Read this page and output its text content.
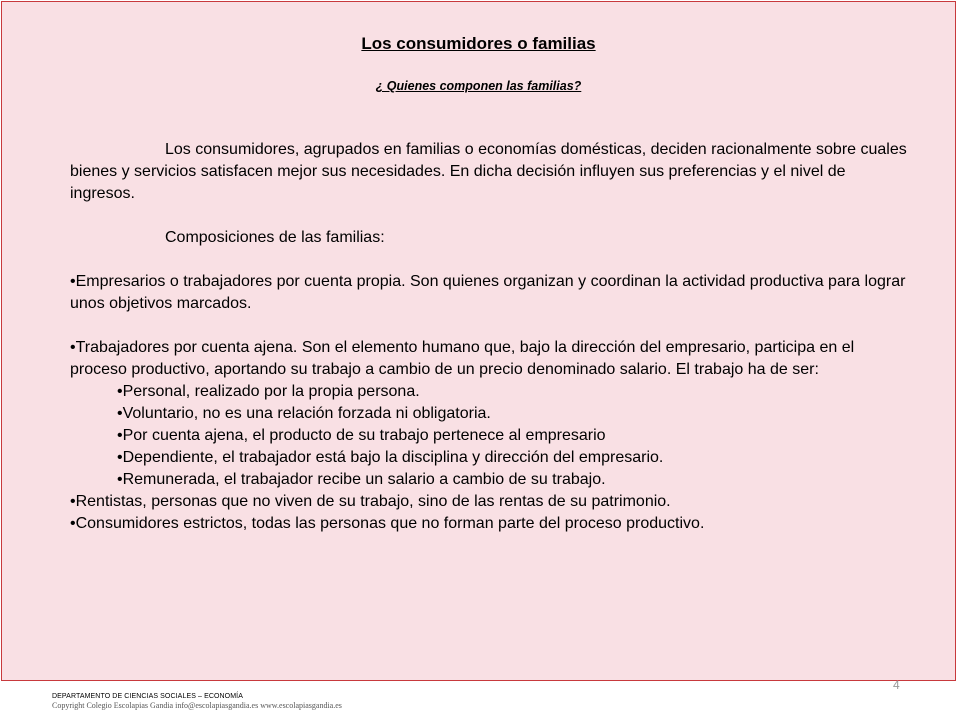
Los consumidores o familias
¿ Quienes componen las familias?

Los consumidores, agrupados en familias o economías domésticas, deciden racionalmente sobre cuales bienes y servicios satisfacen mejor sus necesidades. En dicha decisión influyen sus preferencias y el nivel de ingresos.

Composiciones de las familias:

•Empresarios o trabajadores por cuenta propia. Son quienes organizan y coordinan la actividad productiva para lograr unos objetivos marcados.

•Trabajadores por cuenta ajena. Son el elemento humano que, bajo la dirección del empresario, participa en el proceso productivo, aportando su trabajo a cambio de un precio denominado salario. El trabajo ha de ser:

•Personal, realizado por la propia persona.

•Voluntario, no es una relación forzada ni obligatoria.

•Por cuenta ajena, el producto de su trabajo pertenece al empresario

•Dependiente, el trabajador está bajo la disciplina y dirección del empresario.

•Remunerada, el trabajador recibe un salario a cambio de su trabajo.

•Rentistas, personas que no viven de su trabajo, sino de las rentas de su patrimonio.

•Consumidores estrictos, todas las personas que no forman parte del proceso productivo.

4
DEPARTAMENTO DE CIENCIAS SOCIALES – ECONOMÍA
Copyright Colegio Escolapias Gandia info@escolapiasgandia.es www.escolapiasgandia.es
